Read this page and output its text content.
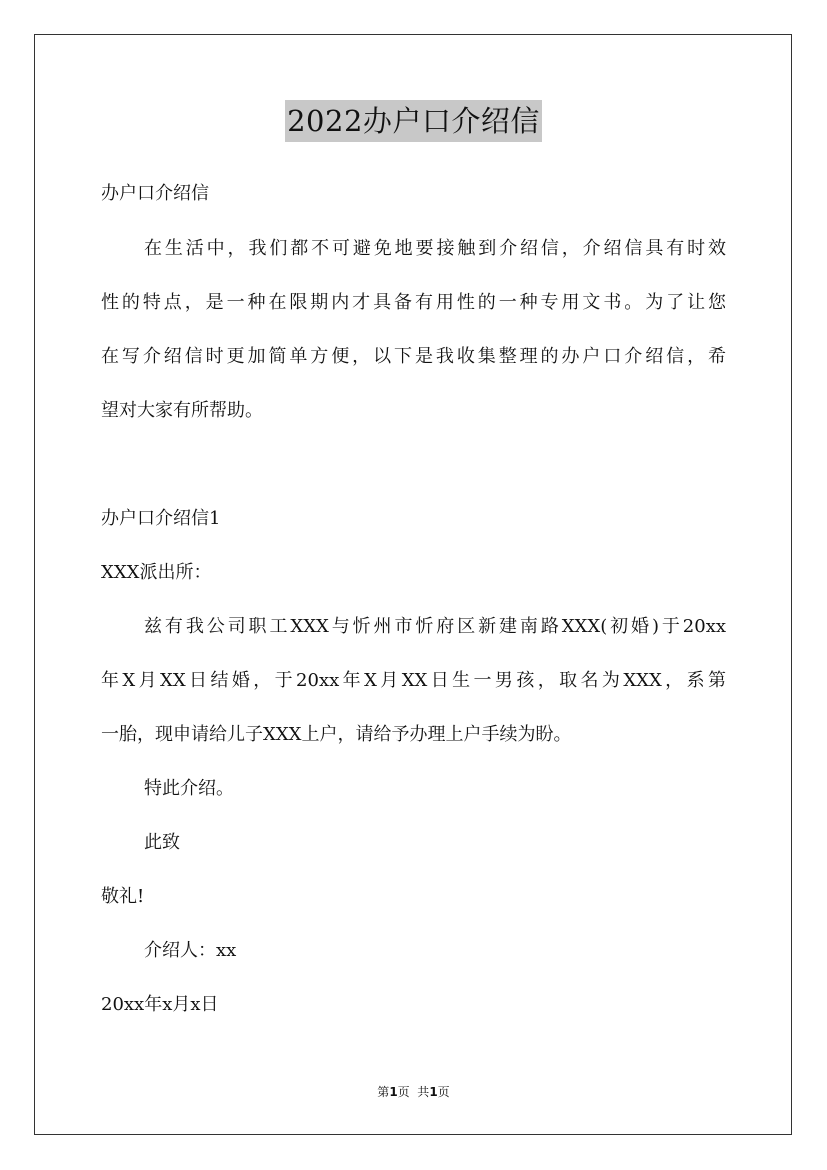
2022办户口介绍信
办户口介绍信
在生活中，我们都不可避免地要接触到介绍信，介绍信具有时效
性的特点，是一种在限期内才具备有用性的一种专用文书。为了让您
在写介绍信时更加简单方便，以下是我收集整理的办户口介绍信，希
望对大家有所帮助。
办户口介绍信1
XXX派出所：
兹有我公司职工XXX与忻州市忻府区新建南路XXX(初婚)于20xx
年X月XX日结婚，于20xx年X月XX日生一男孩，取名为XXX，系第
一胎，现申请给儿子XXX上户，请给予办理上户手续为盼。
特此介绍。
此致
敬礼!
介绍人：xx
20xx年x月x日
第1页  共1页
